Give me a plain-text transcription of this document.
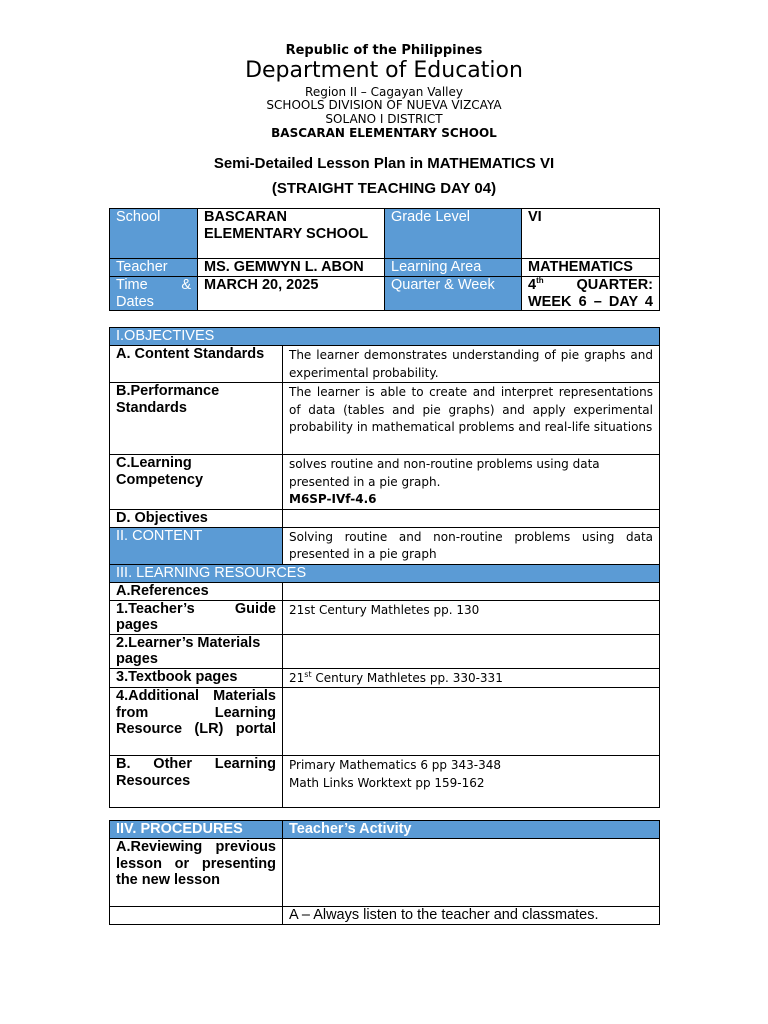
Republic of the Philippines
Department of Education
Region II – Cagayan Valley
SCHOOLS DIVISION OF NUEVA VIZCAYA
SOLANO I DISTRICT
BASCARAN ELEMENTARY SCHOOL
Semi-Detailed Lesson Plan in MATHEMATICS VI
(STRAIGHT TEACHING DAY 04)
School	BASCARAN ELEMENTARY SCHOOL	Grade Level	VI
Teacher	MS. GEMWYN L. ABON	Learning Area	MATHEMATICS
Time & Dates	MARCH 20, 2025	Quarter & Week	4th QUARTER: WEEK 6 – DAY 4
I.OBJECTIVES	
A. Content Standards	The learner demonstrates understanding of pie graphs and experimental probability.
B.Performance Standards	The learner is able to create and interpret representations of data (tables and pie graphs) and apply experimental probability in mathematical problems and real-life situations
C.Learning Competency	solves routine and non-routine problems using data presented in a pie graph.
M6SP-IVf-4.6

D. Objectives	
II. CONTENT	Solving routine and non-routine problems using data presented in a pie graph
III. LEARNING RESOURCES	
A.References	
1.Teacher’s Guide pages	21st Century Mathletes pp. 130
2.Learner’s Materials pages	
3.Textbook pages	21st Century Mathletes pp. 330-331
4.Additional Materials from Learning Resource (LR) portal	
B. Other Learning Resources	Primary Mathematics 6 pp 343-348
Math Links Worktext pp 159-162
IIV. PROCEDURES	Teacher’s Activity
A.Reviewing previous lesson or presenting the new lesson	
	A – Always listen to the teacher and classmates.
